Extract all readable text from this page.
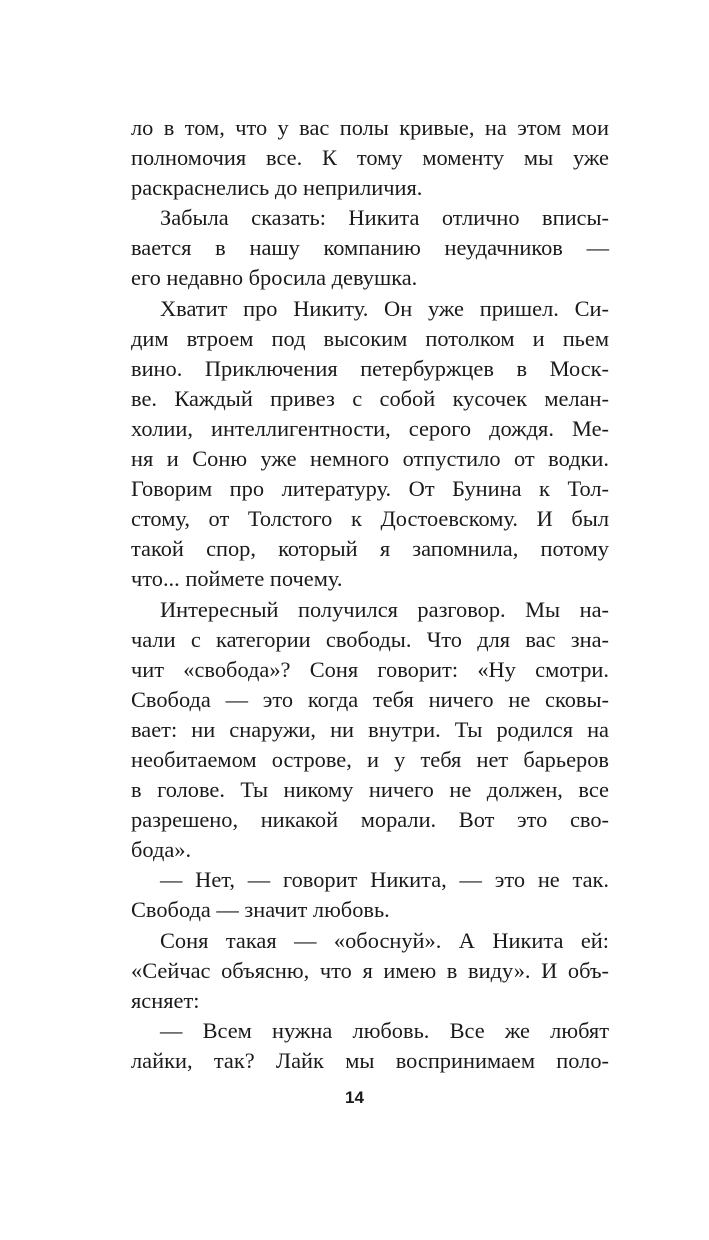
ло в том, что у вас полы кривые, на этом мои
полномочия все. К тому моменту мы уже
раскраснелись до неприличия.
Забыла сказать: Никита отлично вписы-
вается в нашу компанию неудачников —
его недавно бросила девушка.
Хватит про Никиту. Он уже пришел. Си-
дим втроем под высоким потолком и пьем
вино. Приключения петербуржцев в Моск-
ве. Каждый привез с собой кусочек мелан-
холии, интеллигентности, серого дождя. Ме-
ня и Соню уже немного отпустило от водки.
Говорим про литературу. От Бунина к Тол-
стому, от Толстого к Достоевскому. И был
такой спор, который я запомнила, потому
что... поймете почему.
Интересный получился разговор. Мы на-
чали с категории свободы. Что для вас зна-
чит «свобода»? Соня говорит: «Ну смотри.
Свобода — это когда тебя ничего не сковы-
вает: ни снаружи, ни внутри. Ты родился на
необитаемом острове, и у тебя нет барьеров
в голове. Ты никому ничего не должен, все
разрешено, никакой морали. Вот это сво-
бода».
— Нет, — говорит Никита, — это не так.
Свобода — значит любовь.
Соня такая — «обоснуй». А Никита ей:
«Сейчас объясню, что я имею в виду». И объ-
ясняет:
— Всем нужна любовь. Все же любят
лайки, так? Лайк мы воспринимаем поло-
14
